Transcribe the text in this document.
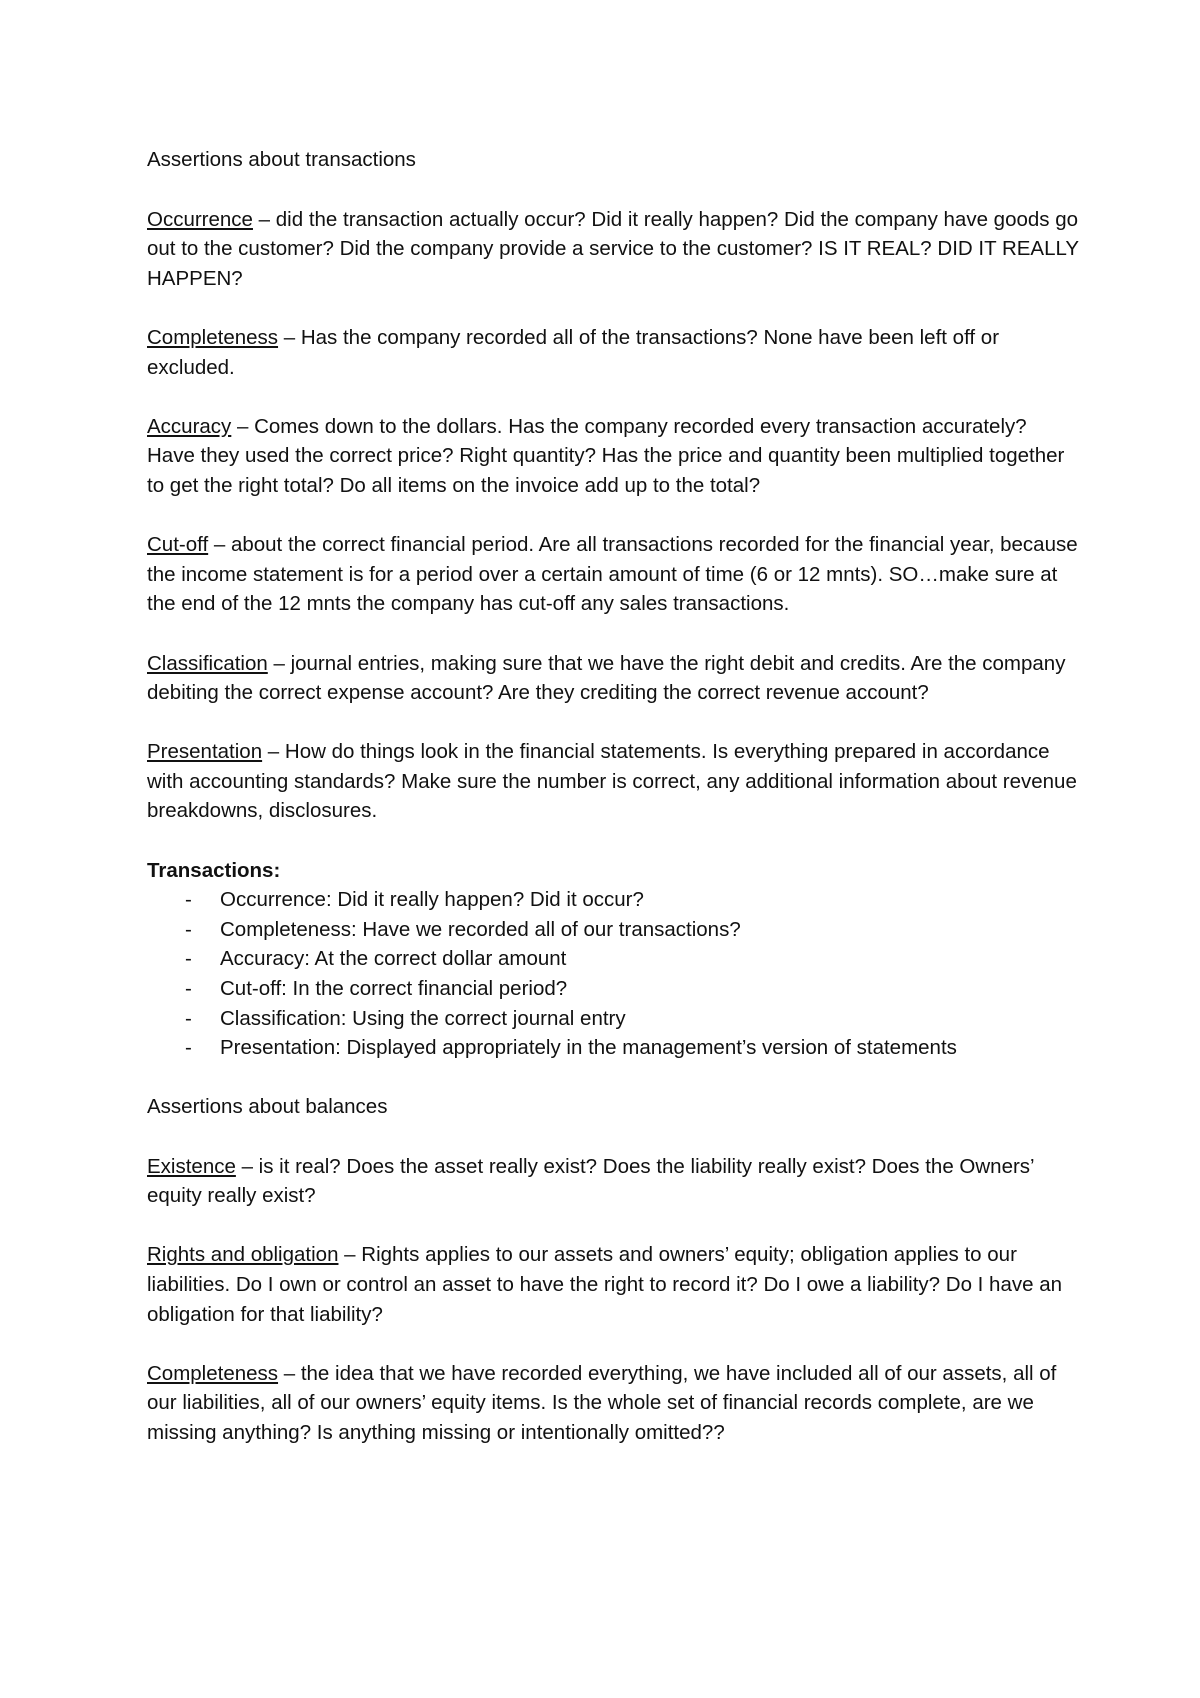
Assertions about transactions

Occurrence – did the transaction actually occur? Did it really happen? Did the company have goods go out to the customer? Did the company provide a service to the customer? IS IT REAL? DID IT REALLY HAPPEN?

Completeness – Has the company recorded all of the transactions? None have been left off or excluded.

Accuracy – Comes down to the dollars. Has the company recorded every transaction accurately? Have they used the correct price? Right quantity? Has the price and quantity been multiplied together to get the right total? Do all items on the invoice add up to the total?

Cut-off – about the correct financial period. Are all transactions recorded for the financial year, because the income statement is for a period over a certain amount of time (6 or 12 mnts). SO…make sure at the end of the 12 mnts the company has cut-off any sales transactions.

Classification – journal entries, making sure that we have the right debit and credits. Are the company debiting the correct expense account? Are they crediting the correct revenue account?

Presentation – How do things look in the financial statements. Is everything prepared in accordance with accounting standards? Make sure the number is correct, any additional information about revenue breakdowns, disclosures.

Transactions:

- Occurrence: Did it really happen? Did it occur?
- Completeness: Have we recorded all of our transactions?
- Accuracy: At the correct dollar amount
- Cut-off: In the correct financial period?
- Classification: Using the correct journal entry
- Presentation: Displayed appropriately in the management’s version of statements

Assertions about balances

Existence – is it real? Does the asset really exist? Does the liability really exist? Does the Owners’ equity really exist?

Rights and obligation – Rights applies to our assets and owners’ equity; obligation applies to our liabilities. Do I own or control an asset to have the right to record it? Do I owe a liability? Do I have an obligation for that liability?

Completeness – the idea that we have recorded everything, we have included all of our assets, all of our liabilities, all of our owners’ equity items. Is the whole set of financial records complete, are we missing anything? Is anything missing or intentionally omitted??
